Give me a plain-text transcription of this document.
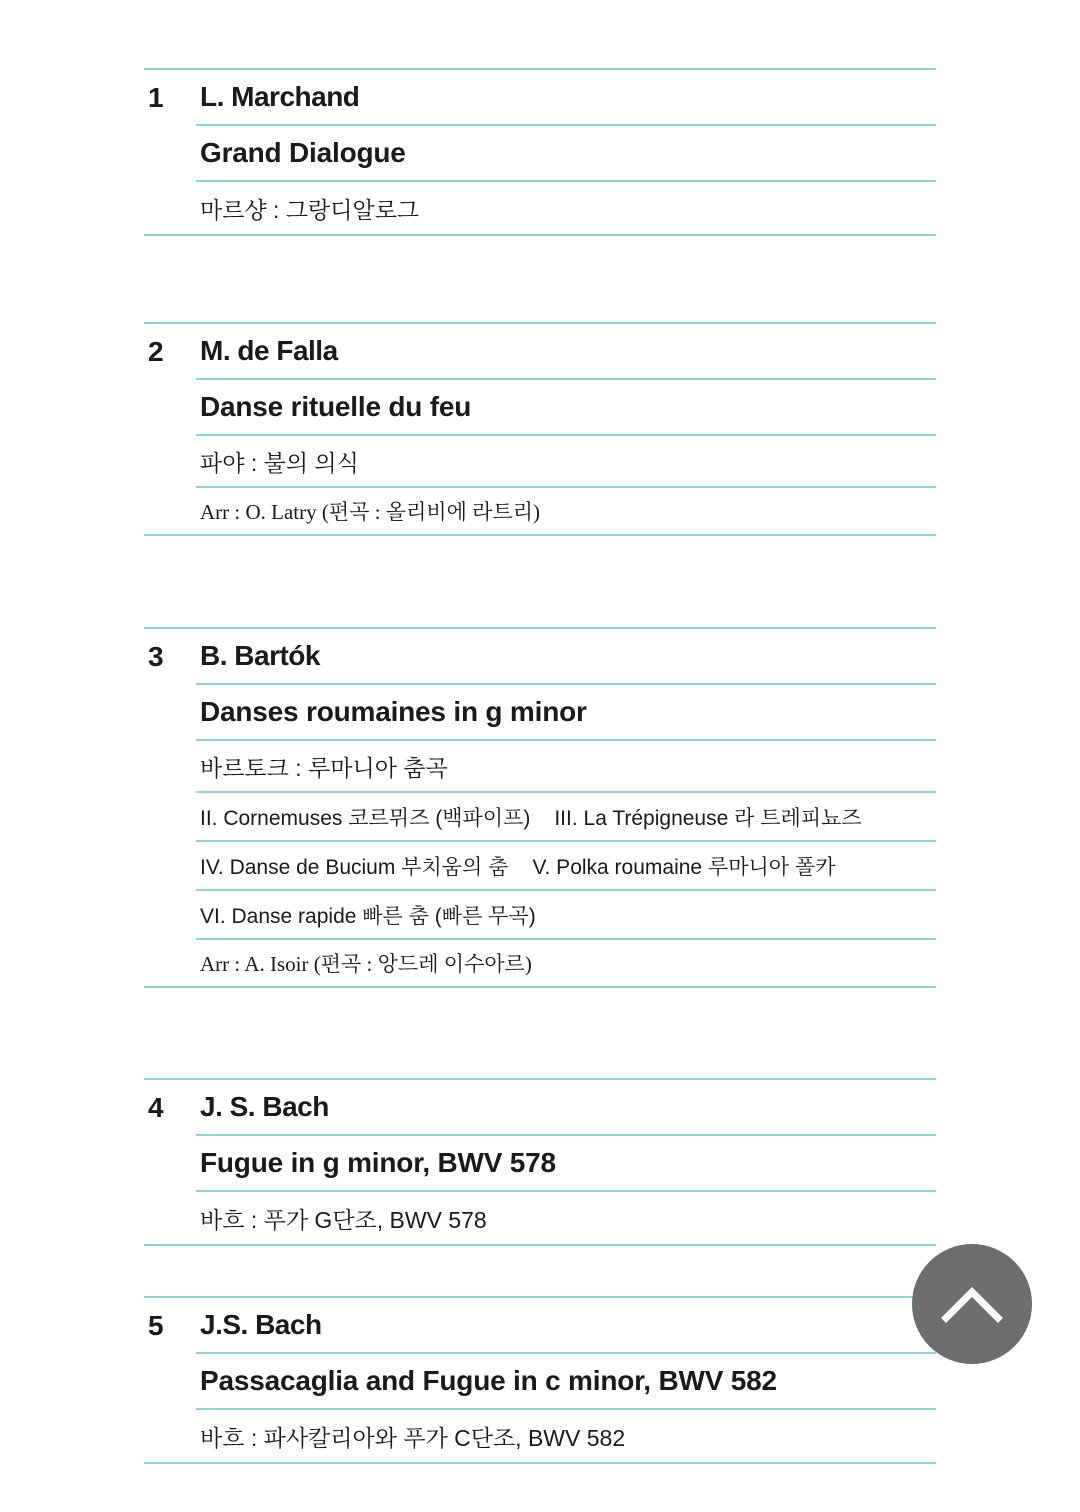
1 L. Marchand
Grand Dialogue
마르샹 : 그랑디알로그
2 M. de Falla
Danse rituelle du feu
파야 : 불의 의식
Arr : O. Latry (편곡 : 올리비에 라트리)
3 B. Bartók
Danses roumaines in g minor
바르토크 : 루마니아 춤곡
II. Cornemuses 코르뮈즈 (백파이프) III. La Trépigneuse 라 트레피뇨즈
IV. Danse de Bucium 부치움의 춤 V. Polka roumaine 루마니아 폴카
VI. Danse rapide 빠른 춤 (빠른 무곡)
Arr : A. Isoir (편곡 : 앙드레 이수아르)
4 J. S. Bach
Fugue in g minor, BWV 578
바흐 : 푸가 G단조, BWV 578
5 J.S. Bach
Passacaglia and Fugue in c minor, BWV 582
바흐 : 파사칼리아와 푸가 C단조, BWV 582
